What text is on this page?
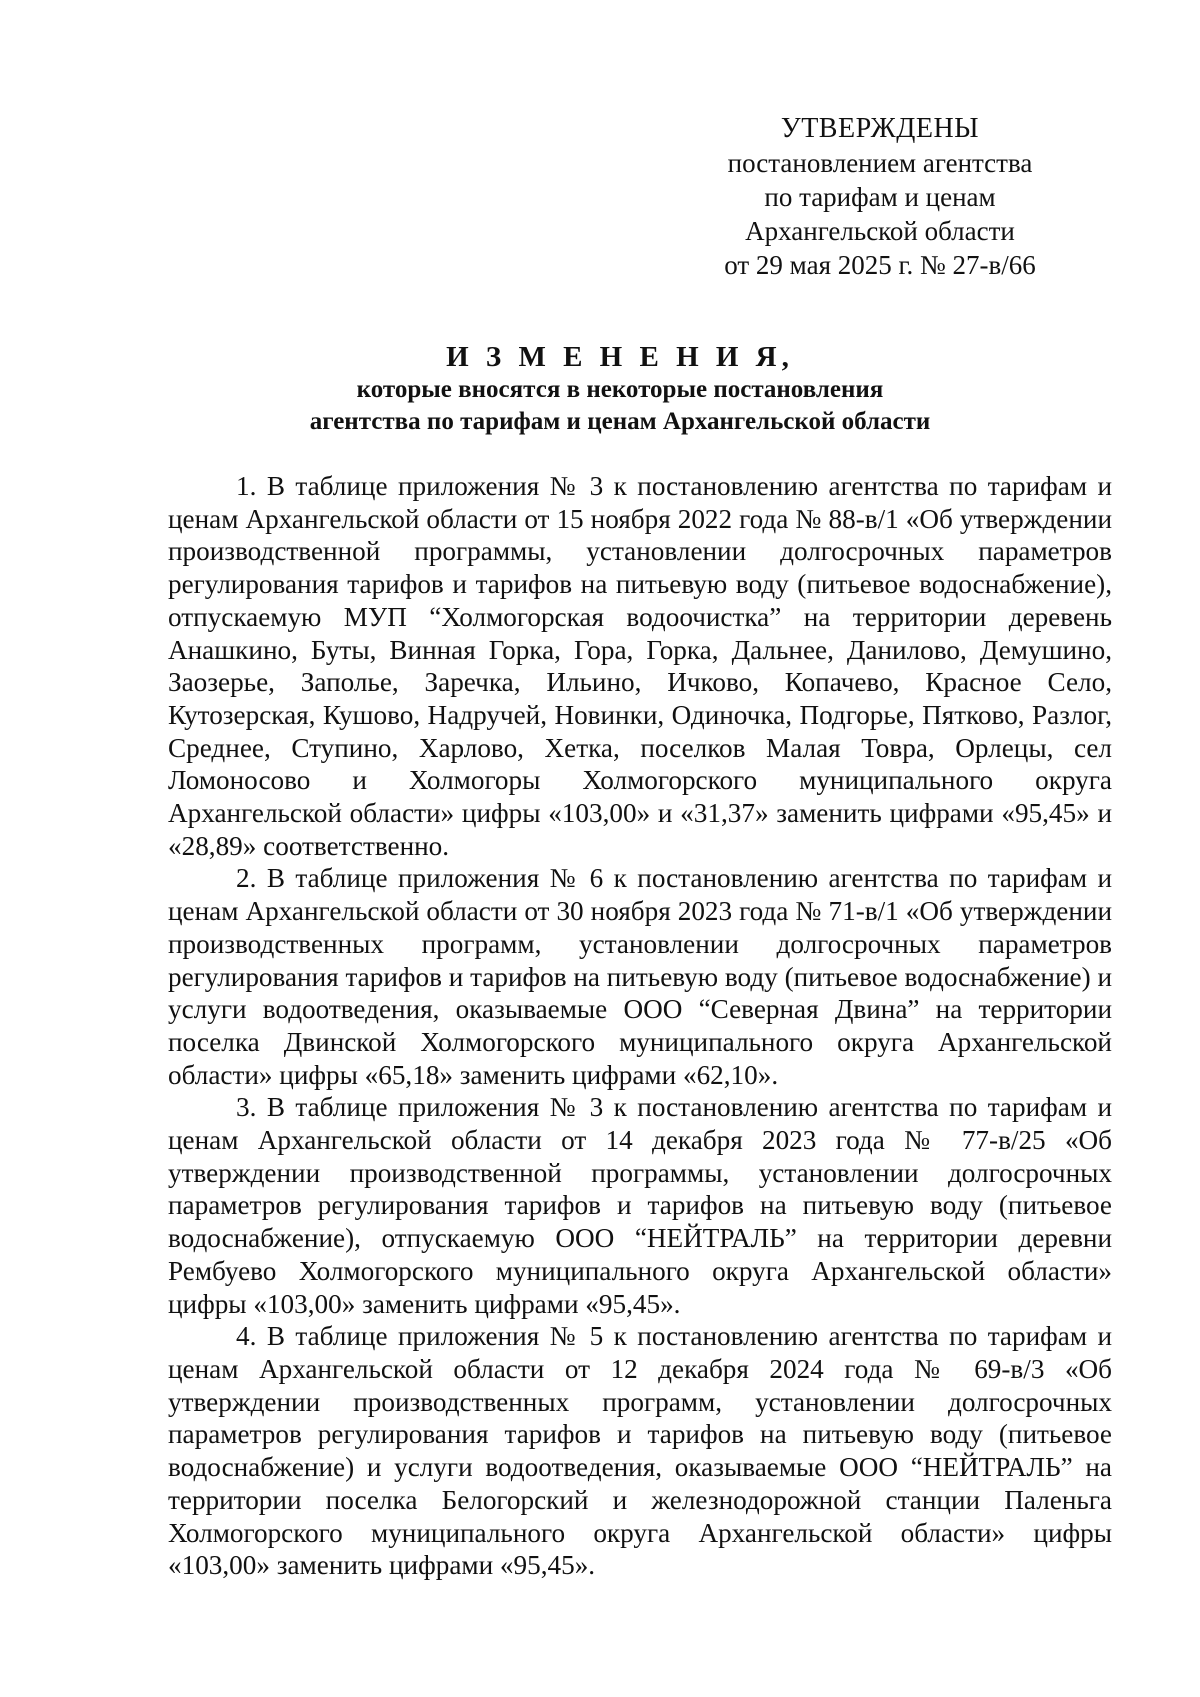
УТВЕРЖДЕНЫ
постановлением агентства
по тарифам и ценам
Архангельской области
от 29 мая 2025 г. № 27-в/66
И З М Е Н Е Н И Я,
которые вносятся в некоторые постановления
агентства по тарифам и ценам Архангельской области

1. В таблице приложения № 3 к постановлению агентства по тарифам и ценам Архангельской области от 15 ноября 2022 года № 88-в/1 «Об утверждении производственной программы, установлении долгосрочных параметров регулирования тарифов и тарифов на питьевую воду (питьевое водоснабжение), отпускаемую МУП “Холмогорская водоочистка” на территории деревень Анашкино, Буты, Винная Горка, Гора, Горка, Дальнее, Данилово, Демушино, Заозерье, Заполье, Заречка, Ильино, Ичково, Копачево, Красное Село, Кутозерская, Кушово, Надручей, Новинки, Одиночка, Подгорье, Пятково, Разлог, Среднее, Ступино, Харлово, Хетка, поселков Малая Товра, Орлецы, сел Ломоносово и Холмогоры Холмогорского муниципального округа Архангельской области» цифры «103,00» и «31,37» заменить цифрами «95,45» и «28,89» соответственно.

2. В таблице приложения № 6 к постановлению агентства по тарифам и ценам Архангельской области от 30 ноября 2023 года № 71-в/1 «Об утверждении производственных программ, установлении долгосрочных параметров регулирования тарифов и тарифов на питьевую воду (питьевое водоснабжение) и услуги водоотведения, оказываемые ООО “Северная Двина” на территории поселка Двинской Холмогорского муниципального округа Архангельской области» цифры «65,18» заменить цифрами «62,10».

3. В таблице приложения № 3 к постановлению агентства по тарифам и ценам Архангельской области от 14 декабря 2023 года № 77-в/25 «Об утверждении производственной программы, установлении долгосрочных параметров регулирования тарифов и тарифов на питьевую воду (питьевое водоснабжение), отпускаемую ООО “НЕЙТРАЛЬ” на территории деревни Рембуево Холмогорского муниципального округа Архангельской области» цифры «103,00» заменить цифрами «95,45».

4. В таблице приложения № 5 к постановлению агентства по тарифам и ценам Архангельской области от 12 декабря 2024 года № 69-в/3 «Об утверждении производственных программ, установлении долгосрочных параметров регулирования тарифов и тарифов на питьевую воду (питьевое водоснабжение) и услуги водоотведения, оказываемые ООО “НЕЙТРАЛЬ” на территории поселка Белогорский и железнодорожной станции Паленьга Холмогорского муниципального округа Архангельской области» цифры «103,00» заменить цифрами «95,45».
